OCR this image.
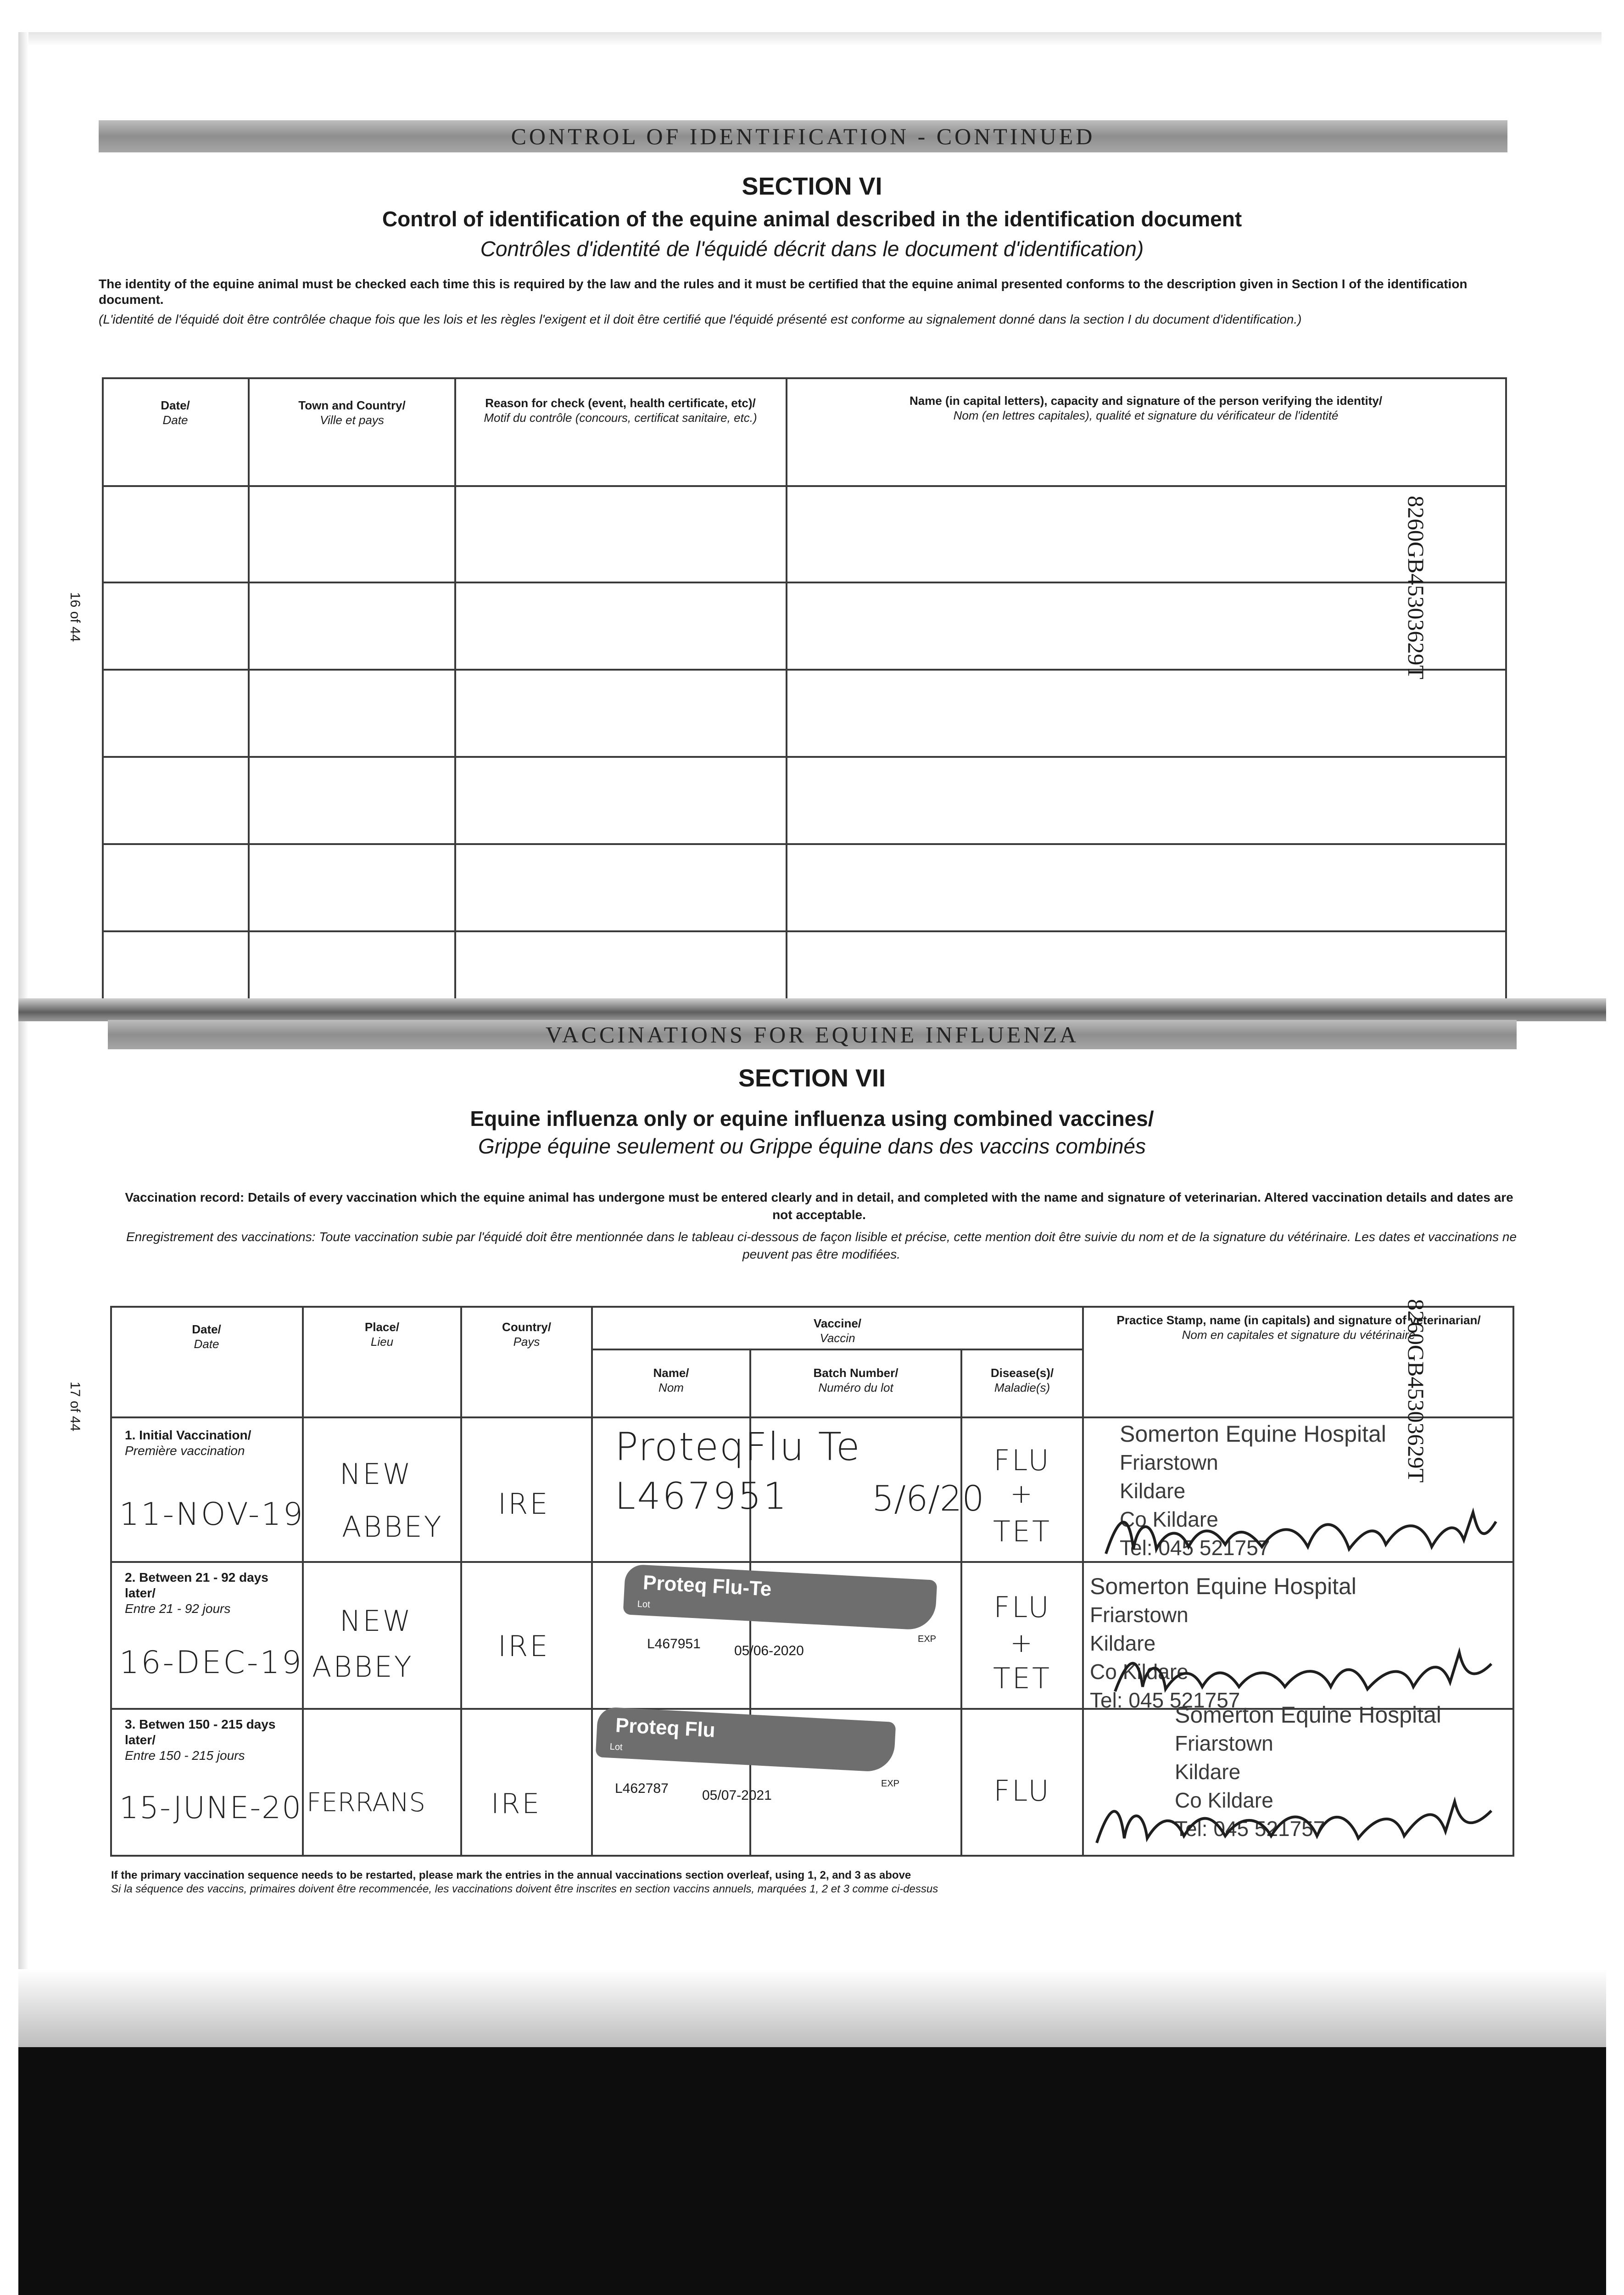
CONTROL OF IDENTIFICATION - CONTINUED
SECTION VI
Control of identification of the equine animal described in the identification document
Contrôles d'identité de l'équidé décrit dans le document d'identification)
The identity of the equine animal must be checked each time this is required by the law and the rules and it must be certified that the equine animal presented conforms to the description given in Section I of the identification document.
(L'identité de l'équidé doit être contrôlée chaque fois que les lois et les règles l'exigent et il doit être certifié que l'équidé présenté est conforme au signalement donné dans la section I du document d'identification.)
Date/
Date
Town and Country/
Ville et pays
Reason for check (event, health certificate, etc)/
Motif du contrôle (concours, certificat sanitaire, etc.)
Name (in capital letters), capacity and signature of the person verifying the identity/
Nom (en lettres capitales), qualité et signature du vérificateur de l'identité
8260GB45303629T
16 of 44
VACCINATIONS FOR EQUINE INFLUENZA
SECTION VII
Equine influenza only or equine influenza using combined vaccines/
Grippe équine seulement ou Grippe équine dans des vaccins combinés
Vaccination record: Details of every vaccination which the equine animal has undergone must be entered clearly and in detail, and completed with the name and signature of veterinarian. Altered vaccination details and dates are not acceptable.
Enregistrement des vaccinations: Toute vaccination subie par l'équidé doit être mentionnée dans le tableau ci-dessous de façon lisible et précise, cette mention doit être suivie du nom et de la signature du vétérinaire. Les dates et vaccinations ne peuvent pas être modifiées.
Date/
Date
Place/
Lieu
Country/
Pays
Vaccine/
Vaccin
Name/
Nom
Batch Number/
Numéro du lot
Disease(s)/
Maladie(s)
Practice Stamp, name (in capitals) and signature of veterinarian/
Nom en capitales et signature du vétérinaire
1. Initial Vaccination/
Première vaccination
11-NOV-19
NEW
ABBEY
IRE
ProteqFlu Te
L467951 5/6/20
FLU
+
TET
Somerton Equine Hospital
Friarstown
Kildare
Co Kildare
Tel: 045 521757
2. Between 21 - 92 days later/
Entre 21 - 92 jours
16-DEC-19
NEW
ABBEY
IRE
Proteq Flu-Te
Lot
L467951 05/06-2020
EXP
FLU
+
TET
Somerton Equine Hospital
Friarstown
Kildare
Co Kildare
Tel: 045 521757
3. Betwen 150 - 215 days later/
Entre 150 - 215 jours
15-JUNE-20 FERRANS IRE
Proteq Flu
Lot
L462787 05/07-2021
EXP	FLU
Somerton Equine Hospital
Friarstown
Kildare
Co Kildare
Tel: 045 521757
8260GB45303629T
17 of 44
If the primary vaccination sequence needs to be restarted, please mark the entries in the annual vaccinations section overleaf, using 1, 2, and 3 as above
Si la séquence des vaccins, primaires doivent être recommencée, les vaccinations doivent être inscrites en section vaccins annuels, marquées 1, 2 et 3 comme ci-dessus
